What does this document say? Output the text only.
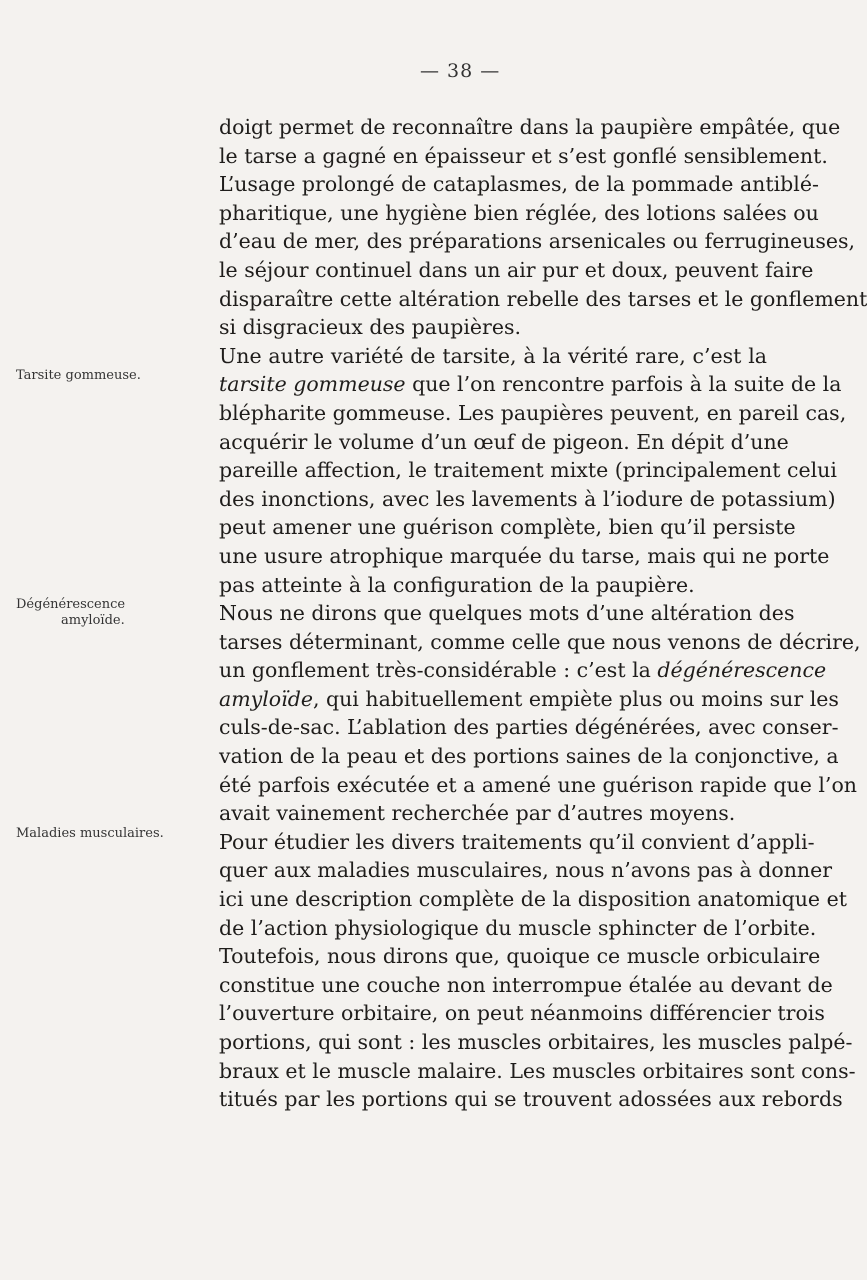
— 38 —
Tarsite gommeuse.
Dégénérescence
amyloïde.
Maladies musculaires.
doigt permet de reconnaître dans la paupière empâtée, que
le tarse a gagné en épaisseur et s’est gonflé sensiblement.
L’usage prolongé de cataplasmes, de la pommade antiblé-
pharitique, une hygiène bien réglée, des lotions salées ou
d’eau de mer, des préparations arsenicales ou ferrugineuses,
le séjour continuel dans un air pur et doux, peuvent faire
disparaître cette altération rebelle des tarses et le gonflement
si disgracieux des paupières.
Une autre variété de tarsite, à la vérité rare, c’est la
tarsite gommeuse que l’on rencontre parfois à la suite de la
blépharite gommeuse. Les paupières peuvent, en pareil cas,
acquérir le volume d’un œuf de pigeon. En dépit d’une
pareille affection, le traitement mixte (principalement celui
des inonctions, avec les lavements à l’iodure de potassium)
peut amener une guérison complète, bien qu’il persiste
une usure atrophique marquée du tarse, mais qui ne porte
pas atteinte à la configuration de la paupière.
Nous ne dirons que quelques mots d’une altération des
tarses déterminant, comme celle que nous venons de décrire,
un gonflement très-considérable : c’est la dégénérescence
amyloïde, qui habituellement empiète plus ou moins sur les
culs-de-sac. L’ablation des parties dégénérées, avec conser-
vation de la peau et des portions saines de la conjonctive, a
été parfois exécutée et a amené une guérison rapide que l’on
avait vainement recherchée par d’autres moyens.
Pour étudier les divers traitements qu’il convient d’appli-
quer aux maladies musculaires, nous n’avons pas à donner
ici une description complète de la disposition anatomique et
de l’action physiologique du muscle sphincter de l’orbite.
Toutefois, nous dirons que, quoique ce muscle orbiculaire
constitue une couche non interrompue étalée au devant de
l’ouverture orbitaire, on peut néanmoins différencier trois
portions, qui sont : les muscles orbitaires, les muscles palpé-
braux et le muscle malaire. Les muscles orbitaires sont cons-
titués par les portions qui se trouvent adossées aux rebords
